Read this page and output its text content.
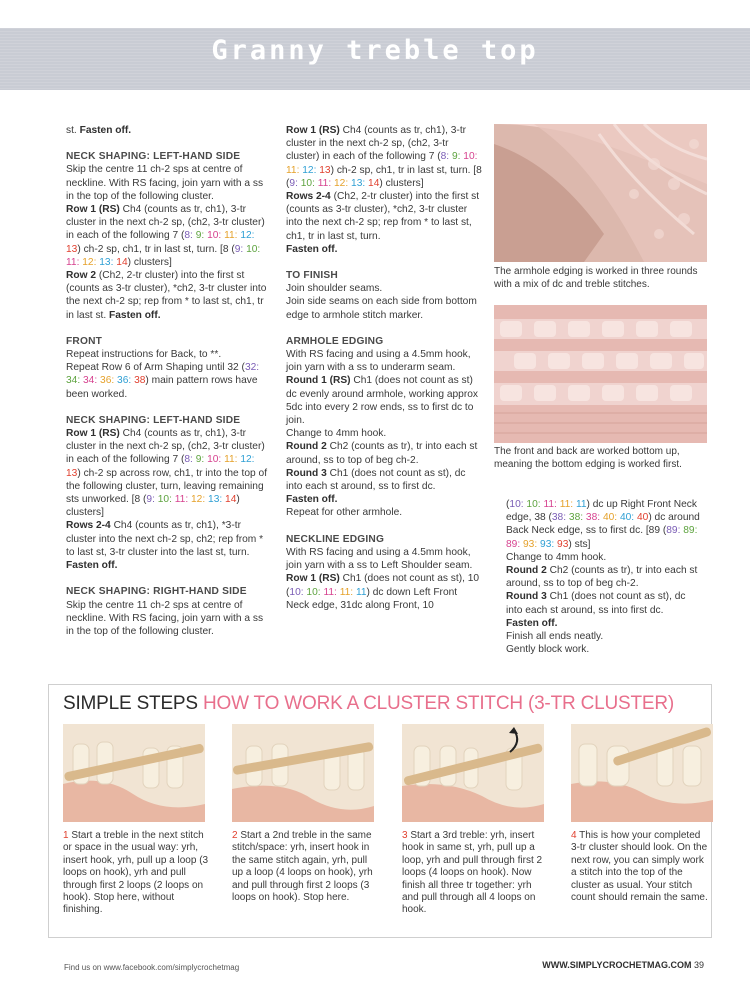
Granny treble top

st. Fasten off.

NECK SHAPING: LEFT-HAND SIDE

Skip the centre 11 ch-2 sps at centre of neckline. With RS facing, join yarn with a ss in the top of the following cluster.

Row 1 (RS) Ch4 (counts as tr, ch1), 3-tr cluster in the next ch-2 sp, (ch2, 3-tr cluster) in each of the following 7 (8: 9: 10: 11: 12: 13) ch-2 sp, ch1, tr in last st, turn. [8 (9: 10: 11: 12: 13: 14) clusters]

Row 2 (Ch2, 2-tr cluster) into the first st (counts as 3-tr cluster), *ch2, 3-tr cluster into the next ch-2 sp; rep from * to last st, ch1, tr in last st. Fasten off.

FRONT

Repeat instructions for Back, to **.

Repeat Row 6 of Arm Shaping until 32 (32: 34: 34: 36: 36: 38) main pattern rows have been worked.

NECK SHAPING: LEFT-HAND SIDE

Row 1 (RS) Ch4 (counts as tr, ch1), 3-tr cluster in the next ch-2 sp, (ch2, 3-tr cluster) in each of the following 7 (8: 9: 10: 11: 12: 13) ch-2 sp across row, ch1, tr into the top of the following cluster, turn, leaving remaining sts unworked. [8 (9: 10: 11: 12: 13: 14) clusters]

Rows 2-4 Ch4 (counts as tr, ch1), *3-tr cluster into the next ch-2 sp, ch2; rep from * to last st, 3-tr cluster into the last st, turn. Fasten off.

NECK SHAPING: RIGHT-HAND SIDE

Skip the centre 11 ch-2 sps at centre of neckline. With RS facing, join yarn with a ss in the top of the following cluster.

Row 1 (RS) Ch4 (counts as tr, ch1), 3-tr cluster in the next ch-2 sp, (ch2, 3-tr cluster) in each of the following 7 (8: 9: 10: 11: 12: 13) ch-2 sp, ch1, tr in last st, turn. [8 (9: 10: 11: 12: 13: 14) clusters]

Rows 2-4 (Ch2, 2-tr cluster) into the first st (counts as 3-tr cluster), *ch2, 3-tr cluster into the next ch-2 sp; rep from * to last st, ch1, tr in last st, turn.

Fasten off.

TO FINISH

Join shoulder seams.

Join side seams on each side from bottom edge to armhole stitch marker.

ARMHOLE EDGING

With RS facing and using a 4.5mm hook, join yarn with a ss to underarm seam.

Round 1 (RS) Ch1 (does not count as st) dc evenly around armhole, working approx 5dc into every 2 row ends, ss to first dc to join.

Change to 4mm hook.

Round 2 Ch2 (counts as tr), tr into each st around, ss to top of beg ch-2.

Round 3 Ch1 (does not count as st), dc into each st around, ss to first dc.

Fasten off.

Repeat for other armhole.

NECKLINE EDGING

With RS facing and using a 4.5mm hook, join yarn with a ss to Left Shoulder seam.

Row 1 (RS) Ch1 (does not count as st), 10 (10: 10: 11: 11: 11) dc down Left Front Neck edge, 31dc along Front, 10

The armhole edging is worked in three rounds with a mix of dc and treble stitches.
The front and back are worked bottom up, meaning the bottom edging is worked first.

(10: 10: 11: 11: 11) dc up Right Front Neck edge, 38 (38: 38: 38: 40: 40: 40) dc around Back Neck edge, ss to first dc. [89 (89: 89: 89: 93: 93: 93) sts]

Change to 4mm hook.

Round 2 Ch2 (counts as tr), tr into each st around, ss to top of beg ch-2.

Round 3 Ch1 (does not count as st), dc into each st around, ss into first dc.

Fasten off.

Finish all ends neatly.

Gently block work.

SIMPLE STEPS HOW TO WORK A CLUSTER STITCH (3-TR CLUSTER)
1 Start a treble in the next stitch or space in the usual way: yrh, insert hook, yrh, pull up a loop (3 loops on hook), yrh and pull through first 2 loops (2 loops on hook). Stop here, without finishing.
2 Start a 2nd treble in the same stitch/space: yrh, insert hook in the same stitch again, yrh, pull up a loop (4 loops on hook), yrh and pull through first 2 loops (3 loops on hook). Stop here.
3 Start a 3rd treble: yrh, insert hook in same st, yrh, pull up a loop, yrh and pull through first 2 loops (4 loops on hook). Now finish all three tr together: yrh and pull through all 4 loops on hook.
4 This is how your completed 3-tr cluster should look. On the next row, you can simply work a stitch into the top of the cluster as usual. Your stitch count should remain the same.
Find us on www.facebook.com/simplycrochetmag	WWW.SIMPLYCROCHETMAG.COM 39
